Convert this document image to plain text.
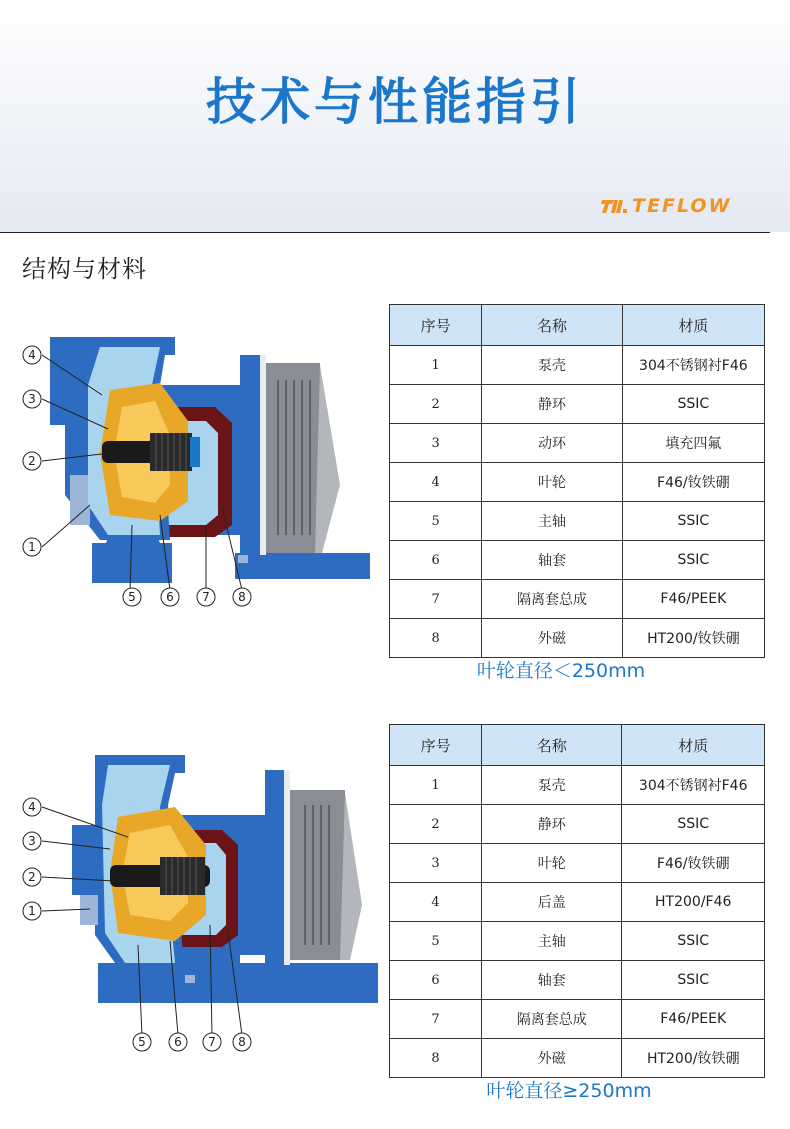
技术与性能指引
TEFLOW
结构与材料
4
3
2
1
5	6 7 8
序号	名称	材质
1	泵壳	304不锈钢衬F46
2	静环	SSIC
3	动环	填充四氟
4	叶轮	F46/钕铁硼
5	主轴	SSIC
6	轴套	SSIC
7	隔离套总成	F46/PEEK
8	外磁	HT200/钕铁硼
叶轮直径＜250mm
4
3
2
1
5 6 7 8
序号	名称	材质
1	泵壳	304不锈钢衬F46
2	静环	SSIC
3	叶轮	F46/钕铁硼
4	后盖	HT200/F46
5	主轴	SSIC
6	轴套	SSIC
7	隔离套总成	F46/PEEK
8	外磁	HT200/钕铁硼
叶轮直径≥250mm
